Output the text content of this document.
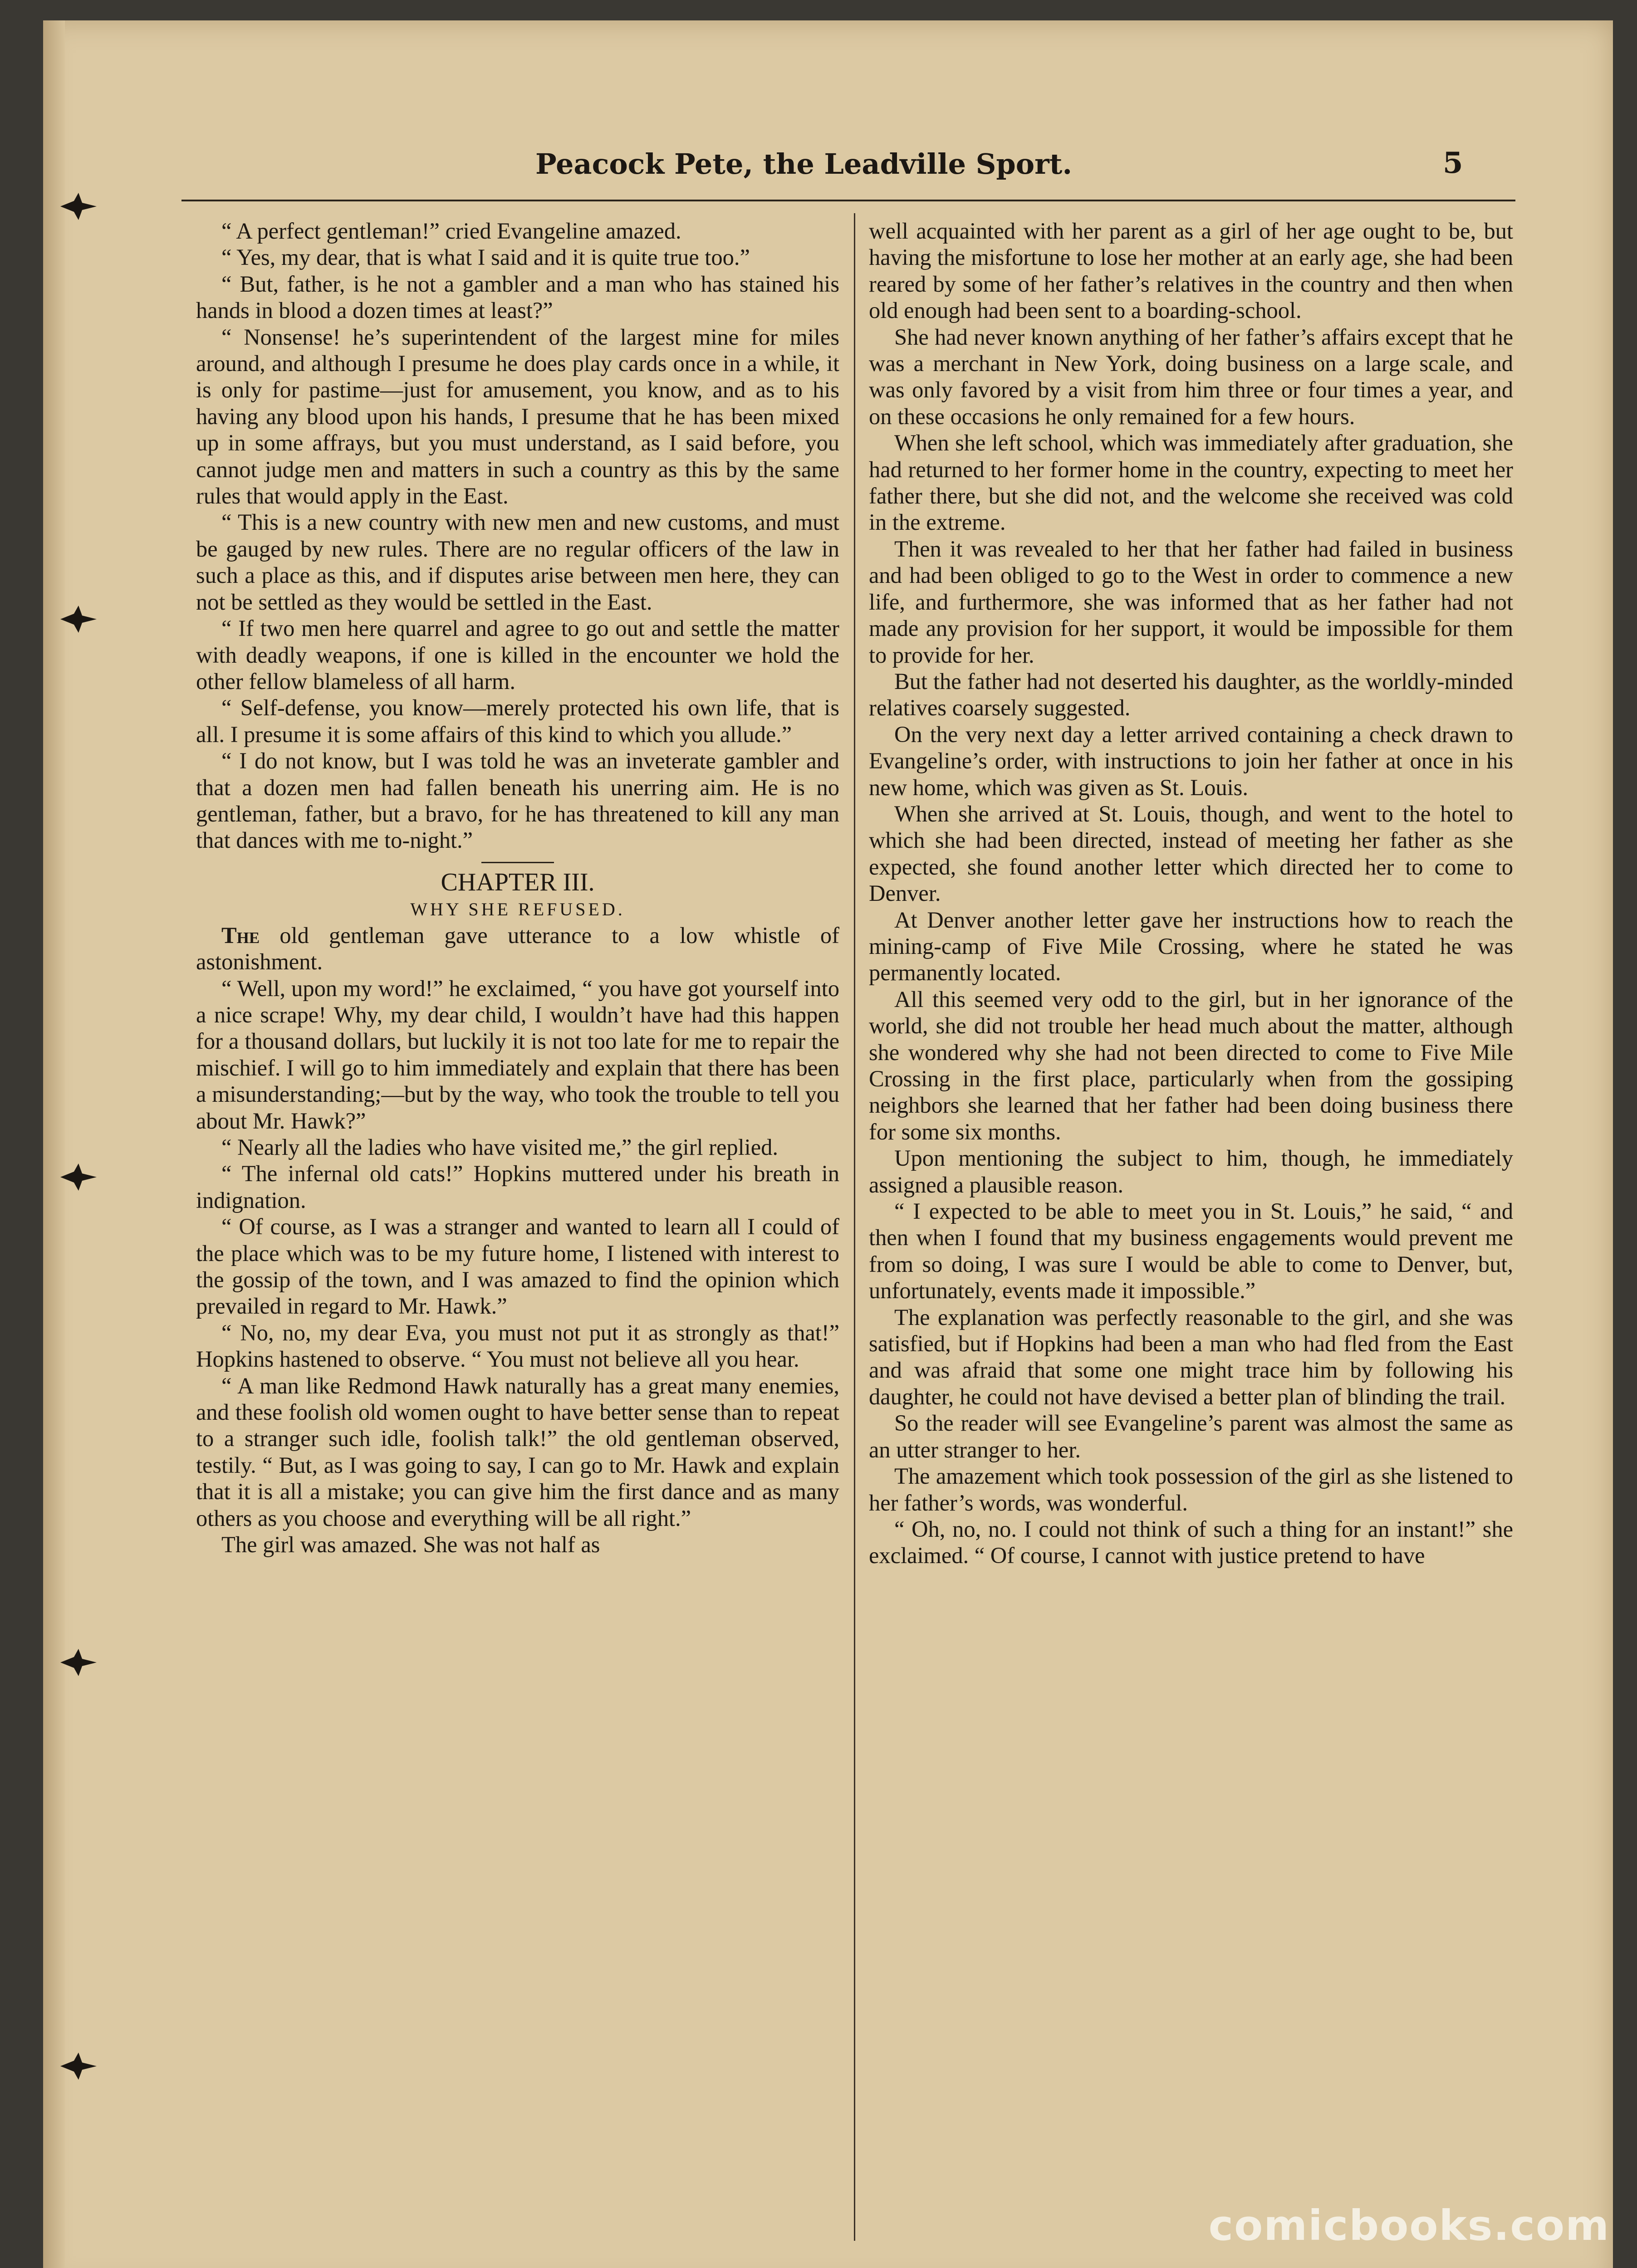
Peacock Pete, the Leadville Sport.	5

“ A perfect gentleman!” cried Evangeline amazed.

“ Yes, my dear, that is what I said and it is quite true too.”

“ But, father, is he not a gambler and a man who has stained his hands in blood a dozen times at least?”

“ Nonsense! he’s superintendent of the largest mine for miles around, and although I presume he does play cards once in a while, it is only for pastime—just for amusement, you know, and as to his having any blood upon his hands, I presume that he has been mixed up in some affrays, but you must understand, as I said before, you cannot judge men and matters in such a country as this by the same rules that would apply in the East.

“ This is a new country with new men and new customs, and must be gauged by new rules. There are no regular officers of the law in such a place as this, and if disputes arise between men here, they can not be settled as they would be settled in the East.

“ If two men here quarrel and agree to go out and settle the matter with deadly weapons, if one is killed in the encounter we hold the other fellow blameless of all harm.

“ Self-defense, you know—merely protected his own life, that is all. I presume it is some affairs of this kind to which you allude.”

“ I do not know, but I was told he was an inveterate gambler and that a dozen men had fallen beneath his unerring aim. He is no gentleman, father, but a bravo, for he has threatened to kill any man that dances with me to-night.”

CHAPTER III.

WHY SHE REFUSED.

The old gentleman gave utterance to a low whistle of astonishment.

“ Well, upon my word!” he exclaimed, “ you have got yourself into a nice scrape! Why, my dear child, I wouldn’t have had this happen for a thousand dollars, but luckily it is not too late for me to repair the mischief. I will go to him immediately and explain that there has been a misunderstanding;—but by the way, who took the trouble to tell you about Mr. Hawk?”

“ Nearly all the ladies who have visited me,” the girl replied.

“ The infernal old cats!” Hopkins muttered under his breath in indignation.

“ Of course, as I was a stranger and wanted to learn all I could of the place which was to be my future home, I listened with interest to the gossip of the town, and I was amazed to find the opinion which prevailed in regard to Mr. Hawk.”

“ No, no, my dear Eva, you must not put it as strongly as that!” Hopkins hastened to observe. “ You must not believe all you hear.

“ A man like Redmond Hawk naturally has a great many enemies, and these foolish old women ought to have better sense than to repeat to a stranger such idle, foolish talk!” the old gentleman observed, testily. “ But, as I was going to say, I can go to Mr. Hawk and explain that it is all a mistake; you can give him the first dance and as many others as you choose and everything will be all right.”

The girl was amazed. She was not half as

well acquainted with her parent as a girl of her age ought to be, but having the misfortune to lose her mother at an early age, she had been reared by some of her father’s relatives in the country and then when old enough had been sent to a boarding-school.

She had never known anything of her father’s affairs except that he was a merchant in New York, doing business on a large scale, and was only favored by a visit from him three or four times a year, and on these occasions he only remained for a few hours.

When she left school, which was immediately after graduation, she had returned to her former home in the country, expecting to meet her father there, but she did not, and the welcome she received was cold in the extreme.

Then it was revealed to her that her father had failed in business and had been obliged to go to the West in order to commence a new life, and furthermore, she was informed that as her father had not made any provision for her support, it would be impossible for them to provide for her.

But the father had not deserted his daughter, as the worldly-minded relatives coarsely suggested.

On the very next day a letter arrived containing a check drawn to Evangeline’s order, with instructions to join her father at once in his new home, which was given as St. Louis.

When she arrived at St. Louis, though, and went to the hotel to which she had been directed, instead of meeting her father as she expected, she found another letter which directed her to come to Denver.

At Denver another letter gave her instructions how to reach the mining-camp of Five Mile Crossing, where he stated he was permanently located.

All this seemed very odd to the girl, but in her ignorance of the world, she did not trouble her head much about the matter, although she wondered why she had not been directed to come to Five Mile Crossing in the first place, particularly when from the gossiping neighbors she learned that her father had been doing business there for some six months.

Upon mentioning the subject to him, though, he immediately assigned a plausible reason.

“ I expected to be able to meet you in St. Louis,” he said, “ and then when I found that my business engagements would prevent me from so doing, I was sure I would be able to come to Denver, but, unfortunately, events made it impossible.”

The explanation was perfectly reasonable to the girl, and she was satisfied, but if Hopkins had been a man who had fled from the East and was afraid that some one might trace him by following his daughter, he could not have devised a better plan of blinding the trail.

So the reader will see Evangeline’s parent was almost the same as an utter stranger to her.

The amazement which took possession of the girl as she listened to her father’s words, was wonderful.

“ Oh, no, no. I could not think of such a thing for an instant!” she exclaimed. “ Of course, I cannot with justice pretend to have

comicbooks.com
